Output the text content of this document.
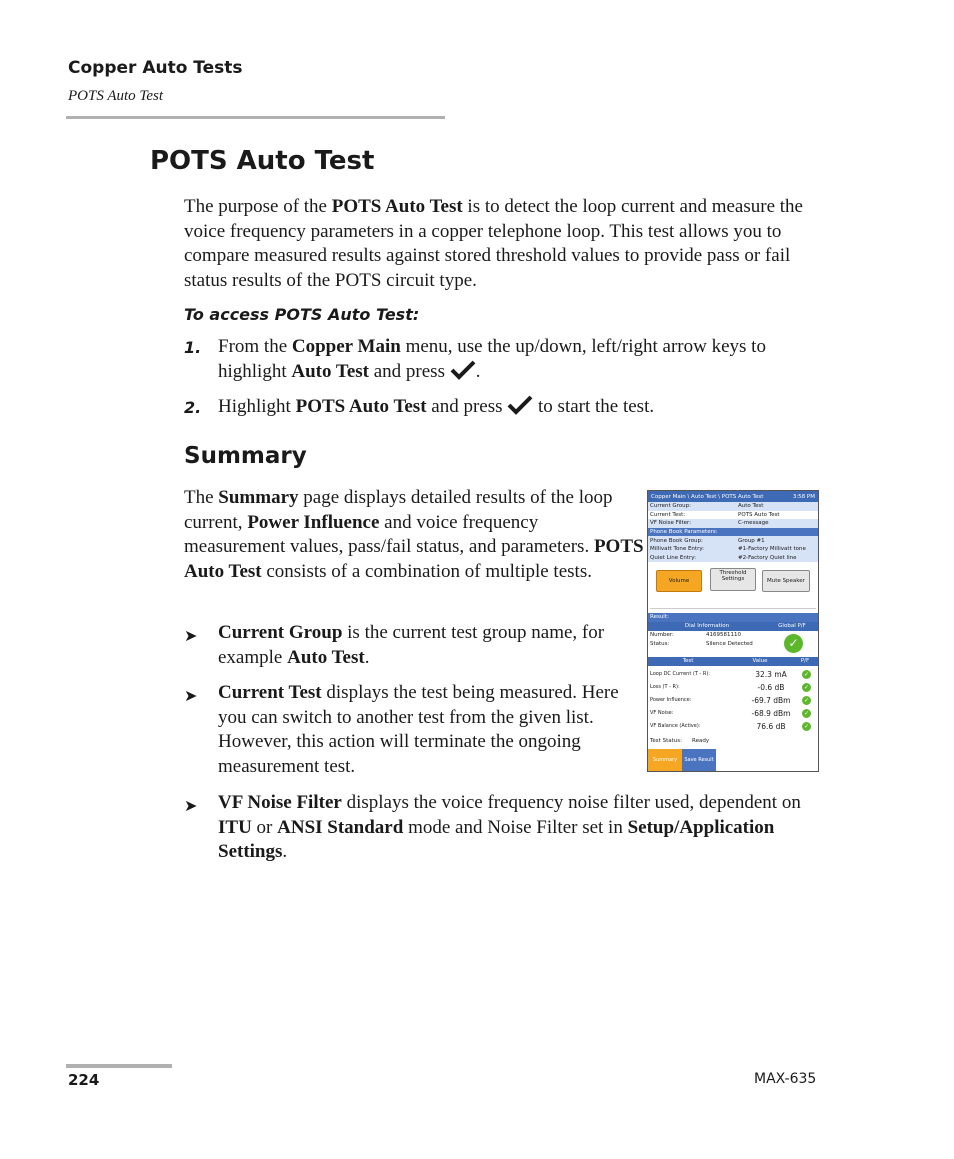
Copper Auto Tests
POTS Auto Test
POTS Auto Test
The purpose of the POTS Auto Test is to detect the loop current and measure the voice frequency parameters in a copper telephone loop. This test allows you to compare measured results against stored threshold values to provide pass or fail status results of the POTS circuit type.
To access POTS Auto Test:
1. From the Copper Main menu, use the up/down, left/right arrow keys to highlight Auto Test and press .
2. Highlight POTS Auto Test and press  to start the test.
Summary
The Summary page displays detailed results of the loop current, Power Influence and voice frequency measurement values, pass/fail status, and parameters. POTS Auto Test consists of a combination of multiple tests.
➤ Current Group is the current test group name, for example Auto Test.
➤ Current Test displays the test being measured. Here you can switch to another test from the given list. However, this action will terminate the ongoing measurement test.
➤ VF Noise Filter displays the voice frequency noise filter used, dependent on ITU or ANSI Standard mode and Noise Filter set in Setup/Application Settings.
Copper Main \ Auto Test \ POTS Auto Test	3:58 PM
Current Group:	Auto Test
Current Test:	POTS Auto Test
VF Noise Filter:	C-message
Phone Book Parameters:
Phone Book Group:	Group #1
Millivatt Tone Entry:	#1-Factory Millivatt tone
Quiet Line Entry:	#2-Factory Quiet line
Volume
Threshold Settings	Mute Speaker
Result:
Dial Information	Global P/F
Number:	4169581110
Status:	Silence Detected	✓
Test	Value	P/F
Loop DC Current (T - R):	32.3 mA	✓
Loss (T - R):	-0.6 dB	✓
Power Influence:	-69.7 dBm	✓
VF Noise:	-68.9 dBm	✓
VF Balance (Active):	76.6 dB	✓
Test Status:	Ready
Summary	Save Result
224	MAX-635
